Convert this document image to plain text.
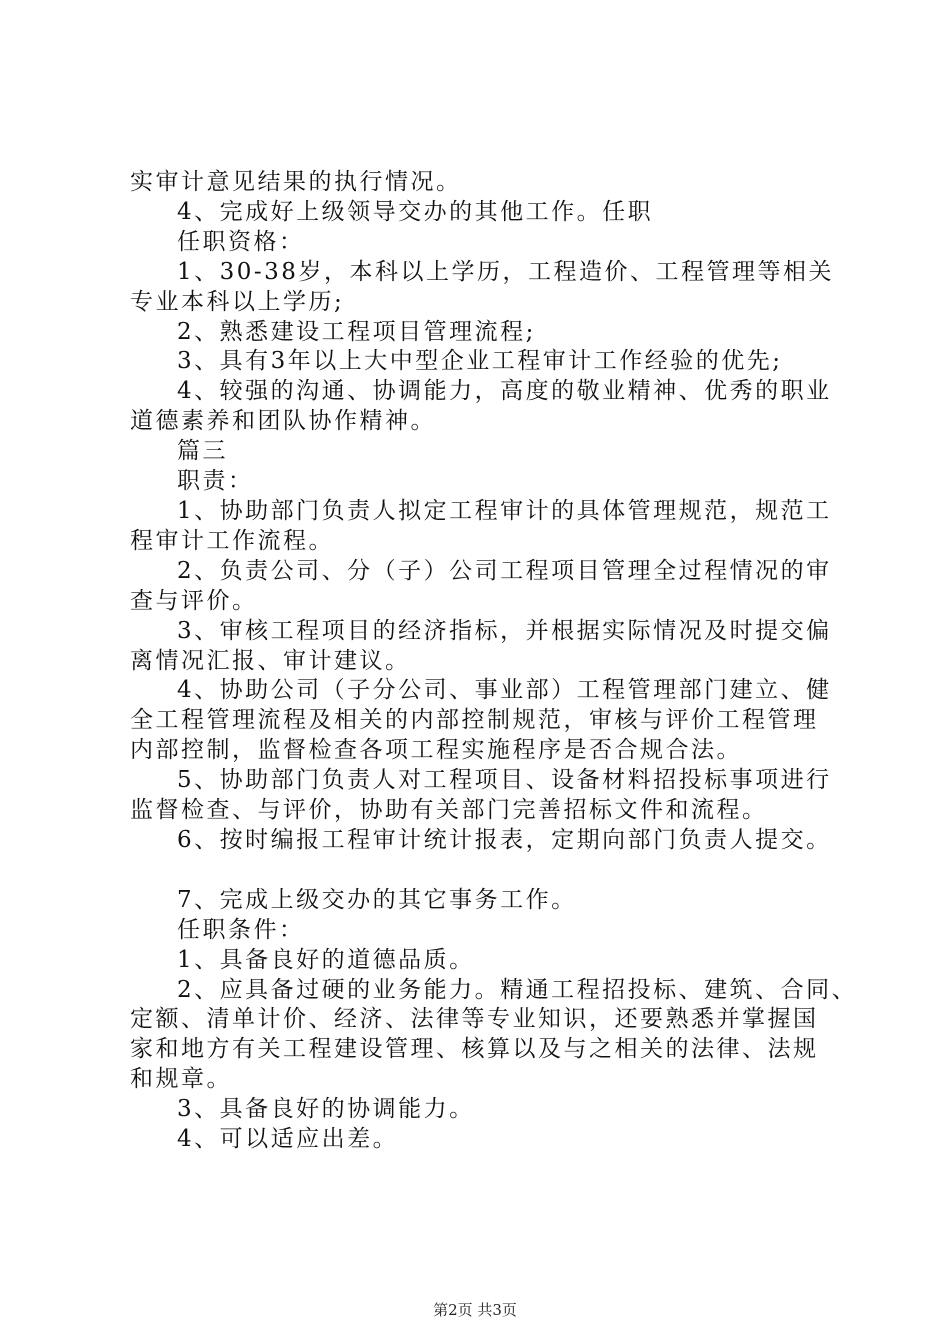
实审计意见结果的执行情况。

4、完成好上级领导交办的其他工作。任职

任职资格：

1、30-38岁，本科以上学历，工程造价、工程管理等相关

专业本科以上学历;

2、熟悉建设工程项目管理流程;

3、具有3年以上大中型企业工程审计工作经验的优先;

4、较强的沟通、协调能力，高度的敬业精神、优秀的职业

道德素养和团队协作精神。

篇三

职责：

1、协助部门负责人拟定工程审计的具体管理规范，规范工

程审计工作流程。

2、负责公司、分（子）公司工程项目管理全过程情况的审

查与评价。

3、审核工程项目的经济指标，并根据实际情况及时提交偏

离情况汇报、审计建议。

4、协助公司（子分公司、事业部）工程管理部门建立、健

全工程管理流程及相关的内部控制规范，审核与评价工程管理

内部控制，监督检查各项工程实施程序是否合规合法。

5、协助部门负责人对工程项目、设备材料招投标事项进行

监督检查、与评价，协助有关部门完善招标文件和流程。

6、按时编报工程审计统计报表，定期向部门负责人提交。

7、完成上级交办的其它事务工作。

任职条件：

1、具备良好的道德品质。

2、应具备过硬的业务能力。精通工程招投标、建筑、合同、

定额、清单计价、经济、法律等专业知识，还要熟悉并掌握国

家和地方有关工程建设管理、核算以及与之相关的法律、法规

和规章。

3、具备良好的协调能力。

4、可以适应出差。

第2页 共3页
